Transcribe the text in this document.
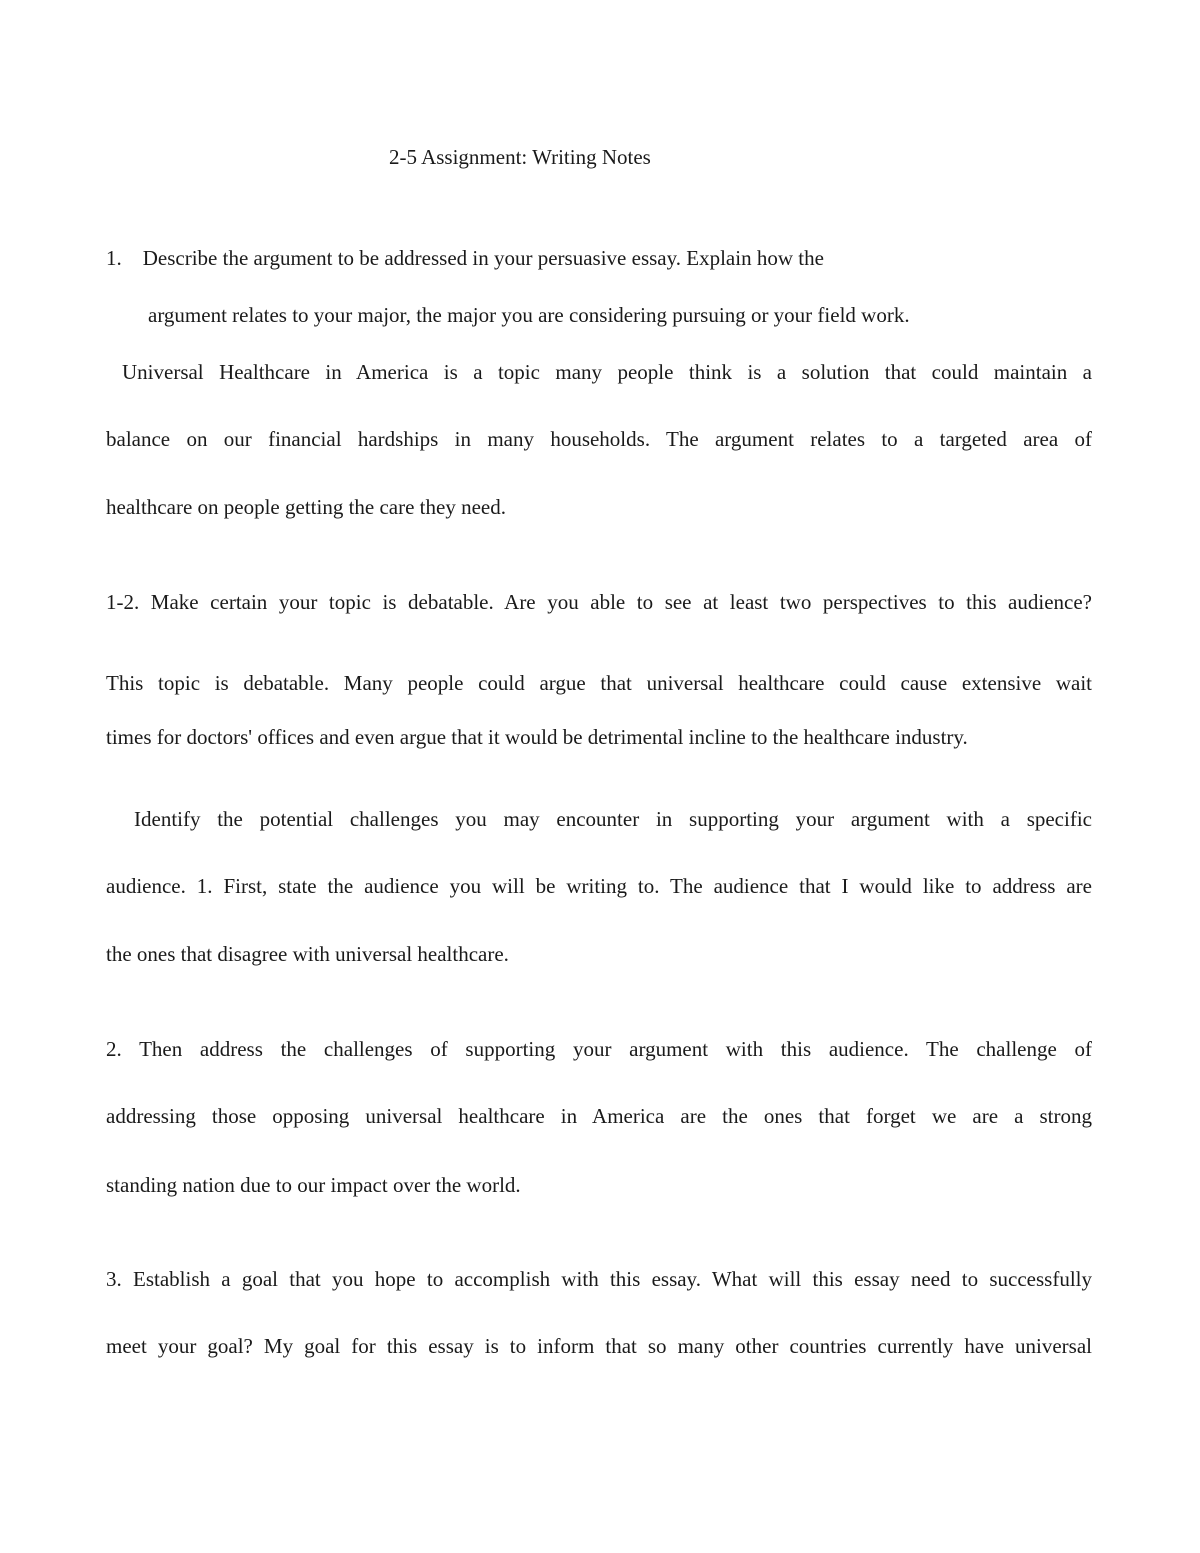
2-5 Assignment: Writing Notes
1.    Describe the argument to be addressed in your persuasive essay. Explain how the
argument relates to your major, the major you are considering pursuing or your field work.
Universal Healthcare in America is a topic many people think is a solution that could maintain a
balance on our financial hardships in many households. The argument relates to a targeted area of
healthcare on people getting the care they need.
1-2. Make certain your topic is debatable. Are you able to see at least two perspectives to this audience?
This topic is debatable. Many people could argue that universal healthcare could cause extensive wait
times for doctors' offices and even argue that it would be detrimental incline to the healthcare industry.
Identify the potential challenges you may encounter in supporting your argument with a specific
audience. 1. First, state the audience you will be writing to. The audience that I would like to address are
the ones that disagree with universal healthcare.
2. Then address the challenges of supporting your argument with this audience. The challenge of
addressing those opposing universal healthcare in America are the ones that forget we are a strong
standing nation due to our impact over the world.
3. Establish a goal that you hope to accomplish with this essay. What will this essay need to successfully
meet your goal? My goal for this essay is to inform that so many other countries currently have universal
